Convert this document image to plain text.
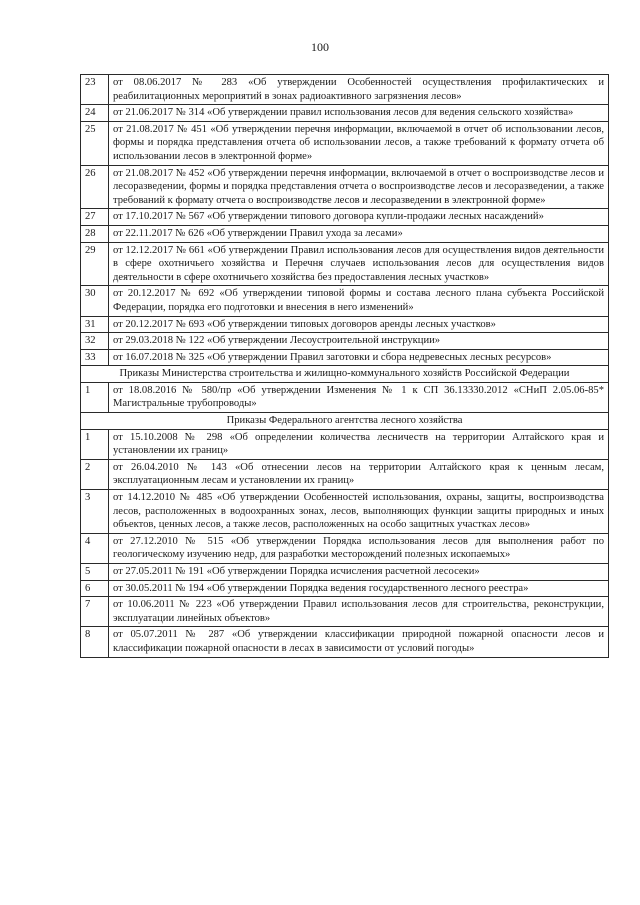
100
23	от 08.06.2017 № 283 «Об утверждении Особенностей осуществления профилактических и реабилитационных мероприятий в зонах радиоактивного загрязнения лесов»
24	от 21.06.2017 № 314 «Об утверждении правил использования лесов для ведения сельского хозяйства»
25	от 21.08.2017 № 451 «Об утверждении перечня информации, включаемой в отчет об использовании лесов, формы и порядка представления отчета об использовании лесов, а также требований к формату отчета об использовании лесов в электронной форме»
26	от 21.08.2017 № 452 «Об утверждении перечня информации, включаемой в отчет о воспроизводстве лесов и лесоразведении, формы и порядка представления отчета о воспроизводстве лесов и лесоразведении, а также требований к формату отчета о воспроизводстве лесов и лесоразведении в электронной форме»
27	от 17.10.2017 № 567 «Об утверждении типового договора купли-продажи лесных насаждений»
28	от 22.11.2017 № 626 «Об утверждении Правил ухода за лесами»
29	от 12.12.2017 № 661 «Об утверждении Правил использования лесов для осуществления видов деятельности в сфере охотничьего хозяйства и Перечня случаев использования лесов для осуществления видов деятельности в сфере охотничьего хозяйства без предоставления лесных участков»
30	от 20.12.2017 № 692 «Об утверждении типовой формы и состава лесного плана субъекта Российской Федерации, порядка его подготовки и внесения в него изменений»
31	от 20.12.2017 № 693 «Об утверждении типовых договоров аренды лесных участков»
32	от 29.03.2018 № 122 «Об утверждении Лесоустроительной инструкции»
33	от 16.07.2018 № 325 «Об утверждении Правил заготовки и сбора недревесных лесных ресурсов»
Приказы Министерства строительства и жилищно-коммунального хозяйств Российской Федерации	
1	от 18.08.2016 № 580/пр «Об утверждении Изменения № 1 к СП 36.13330.2012 «СНиП 2.05.06-85* Магистральные трубопроводы»
Приказы Федерального агентства лесного хозяйства	
1	от 15.10.2008 № 298 «Об определении количества лесничеств на территории Алтайского края и установлении их границ»
2	от 26.04.2010 № 143 «Об отнесении лесов на территории Алтайского края к ценным лесам, эксплуатационным лесам и установлении их границ»
3	от 14.12.2010 № 485 «Об утверждении Особенностей использования, охраны, защиты, воспроизводства лесов, расположенных в водоохранных зонах, лесов, выполняющих функции защиты природных и иных объектов, ценных лесов, а также лесов, расположенных на особо защитных участках лесов»
4	от 27.12.2010 № 515 «Об утверждении Порядка использования лесов для выполнения работ по геологическому изучению недр, для разработки месторождений полезных ископаемых»
5	от 27.05.2011 № 191 «Об утверждении Порядка исчисления расчетной лесосеки»
6	от 30.05.2011 № 194 «Об утверждении Порядка ведения государственного лесного реестра»
7	от 10.06.2011 № 223 «Об утверждении Правил использования лесов для строительства, реконструкции, эксплуатации линейных объектов»
8	от 05.07.2011 № 287 «Об утверждении классификации природной пожарной опасности лесов и классификации пожарной опасности в лесах в зависимости от условий погоды»
